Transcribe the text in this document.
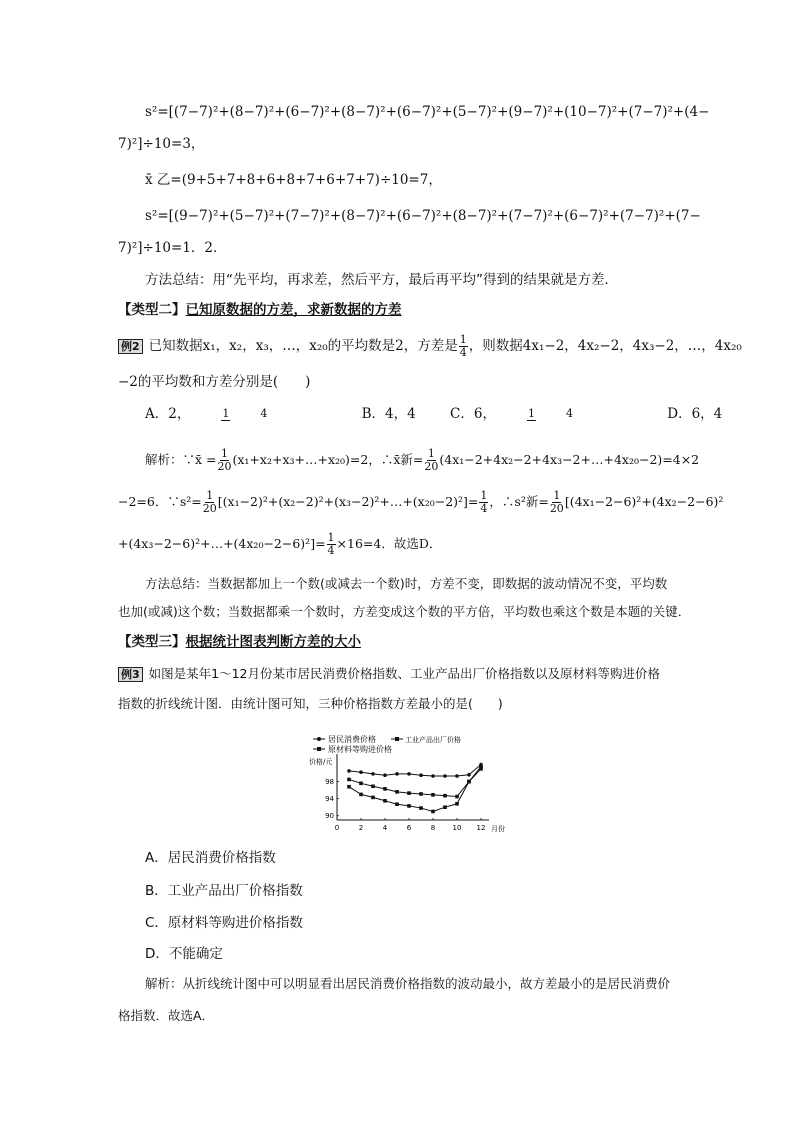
s²=[(7−7)²+(8−7)²+(6−7)²+(8−7)²+(6−7)²+(5−7)²+(9−7)²+(10−7)²+(7−7)²+(4−
7)²]÷10=3，
x̄ 乙=(9+5+7+8+6+8+7+6+7+7)÷10=7，
s²=[(9−7)²+(5−7)²+(7−7)²+(8−7)²+(6−7)²+(8−7)²+(7−7)²+(6−7)²+(7−7)²+(7−
7)²]÷10=1．2．
方法总结：用“先平均，再求差，然后平方，最后再平均”得到的结果就是方差．
【类型二】已知原数据的方差，求新数据的方差
例2 已知数据x₁，x₂，x₃，…，x₂₀的平均数是2，方差是 $\frac{1}{4}$ ，则数据4x₁−2，4x₂−2，4x₃−2，…，4x₂₀
−2的平均数和方差分别是(　　)
A．2，	1	4	B．4，4	C．6，	1	4	D．6，4
解析：∵x̄ = $\frac{1}{20}$ (x₁+x₂+x₃+…+x₂₀)=2，∴x̄新= $\frac{1}{20}$ (4x₁−2+4x₂−2+4x₃−2+…+4x₂₀−2)=4×2
−2=6．∵s²= $\frac{1}{20}$ [(x₁−2)²+(x₂−2)²+(x₃−2)²+…+(x₂₀−2)²]= $\frac{1}{4}$ ，∴s²新= $\frac{1}{20} [(4x_1-2-6)^2+(4x_2-2-6)^2$
+(4x₃−2−6)²+…+(4x₂₀−2−6)²]= $\frac{1}{4} \times 16=4$．故选D．
方法总结：当数据都加上一个数(或减去一个数)时，方差不变，即数据的波动情况不变，平均数
也加(或减)这个数；当数据都乘一个数时，方差变成这个数的平方倍，平均数也乘这个数是本题的关键．
【类型三】根据统计图表判断方差的大小
例3 如图是某年1～12月份某市居民消费价格指数、工业产品出厂价格指数以及原材料等购进价格
指数的折线统计图．由统计图可知，三种价格指数方差最小的是(　　)
居民消费价格	工业产品出厂价格
原材料等购进价格
价格/元
月份
0	2	4	6	8 10 12
90
94
98
A．居民消费价格指数
B．工业产品出厂价格指数
C．原材料等购进价格指数
D．不能确定
解析：从折线统计图中可以明显看出居民消费价格指数的波动最小，故方差最小的是居民消费价
格指数．故选A．
